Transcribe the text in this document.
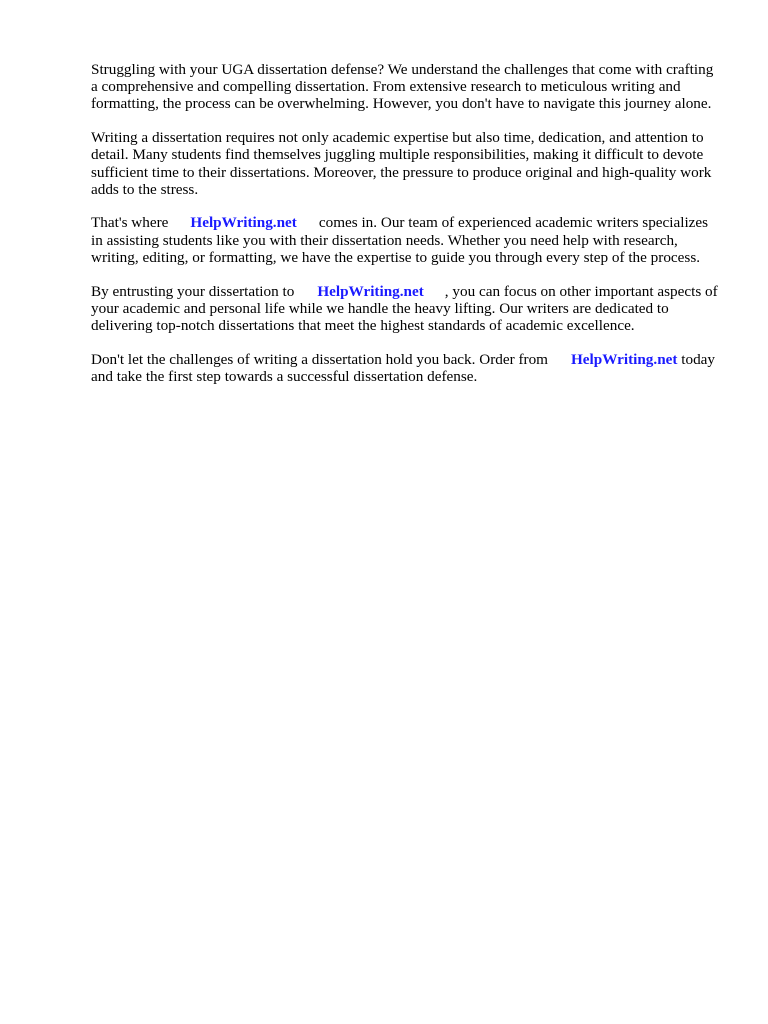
Struggling with your UGA dissertation defense? We understand the challenges that come with crafting a comprehensive and compelling dissertation. From extensive research to meticulous writing and formatting, the process can be overwhelming. However, you don't have to navigate this journey alone.

Writing a dissertation requires not only academic expertise but also time, dedication, and attention to detail. Many students find themselves juggling multiple responsibilities, making it difficult to devote sufficient time to their dissertations. Moreover, the pressure to produce original and high-quality work adds to the stress.

That's where HelpWriting.net comes in. Our team of experienced academic writers specializes in assisting students like you with their dissertation needs. Whether you need help with research, writing, editing, or formatting, we have the expertise to guide you through every step of the process.

By entrusting your dissertation to HelpWriting.net , you can focus on other important aspects of your academic and personal life while we handle the heavy lifting. Our writers are dedicated to delivering top-notch dissertations that meet the highest standards of academic excellence.

Don't let the challenges of writing a dissertation hold you back. Order from HelpWriting.net today and take the first step towards a successful dissertation defense.
